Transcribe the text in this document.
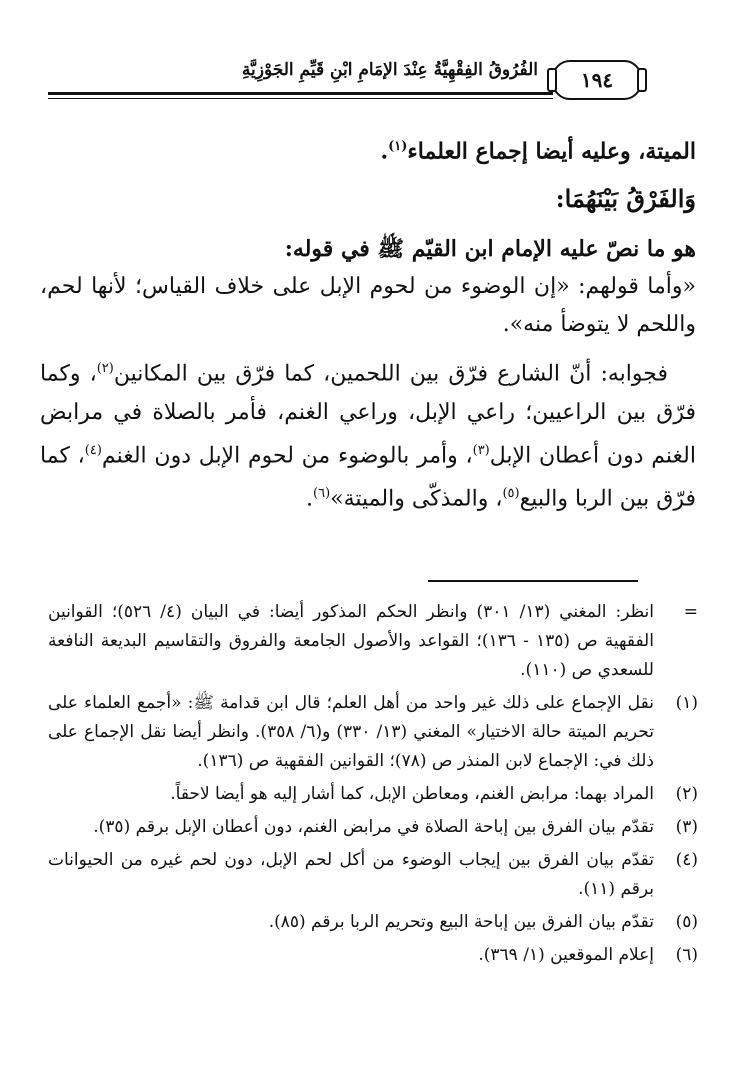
الفُرُوقُ الفِقْهِيَّةُ عِنْدَ الإمَامِ ابْنِ قَيِّمِ الجَوْزِيَّةِ	١٩٤

الميتة، وعليه أيضا إجماع العلماء$^{(١)}$.

وَالفَرْقُ بَيْنَهُمَا:

هو ما نصّ عليه الإمام ابن القيّم ﷺ في قوله:

«وأما قولهم: «إن الوضوء من لحوم الإبل على خلاف القياس؛ لأنها لحم، واللحم لا يتوضأ منه».

فجوابه: أنّ الشارع فرّق بين اللحمين، كما فرّق بين المكانين$^{(٢)}$، وكما فرّق بين الراعيين؛ راعي الإبل، وراعي الغنم، فأمر بالصلاة في مرابض الغنم دون أعطان الإبل$^{(٣)}$، وأمر بالوضوء من لحوم الإبل دون الغنم$^{(٤)}$، كما فرّق بين الربا والبيع$^{(٥)}$، والمذكّى والميتة»$^{(٦)}$.

=
انظر: المغني (١٣/ ٣٠١) وانظر الحكم المذكور أيضا: في البيان (٤/ ٥٢٦)؛ القوانين الفقهية ص (١٣٥ - ١٣٦)؛ القواعد والأصول الجامعة والفروق والتقاسيم البديعة النافعة للسعدي ص (١١٠).
(١)
نقل الإجماع على ذلك غير واحد من أهل العلم؛ قال ابن قدامة ﷺ: «أجمع العلماء على تحريم الميتة حالة الاختيار» المغني (١٣/ ٣٣٠) و(٦/ ٣٥٨). وانظر أيضا نقل الإجماع على ذلك في: الإجماع لابن المنذر ص (٧٨)؛ القوانين الفقهية ص (١٣٦).
(٢)
المراد بهما: مرابض الغنم، ومعاطن الإبل، كما أشار إليه هو أيضا لاحقاً.
(٣)
تقدّم بيان الفرق بين إباحة الصلاة في مرابض الغنم، دون أعطان الإبل برقم (٣٥).
(٤)
تقدّم بيان الفرق بين إيجاب الوضوء من أكل لحم الإبل، دون لحم غيره من الحيوانات برقم (١١).
(٥)
تقدّم بيان الفرق بين إباحة البيع وتحريم الربا برقم (٨٥).
(٦)
إعلام الموقعين (١/ ٣٦٩).
